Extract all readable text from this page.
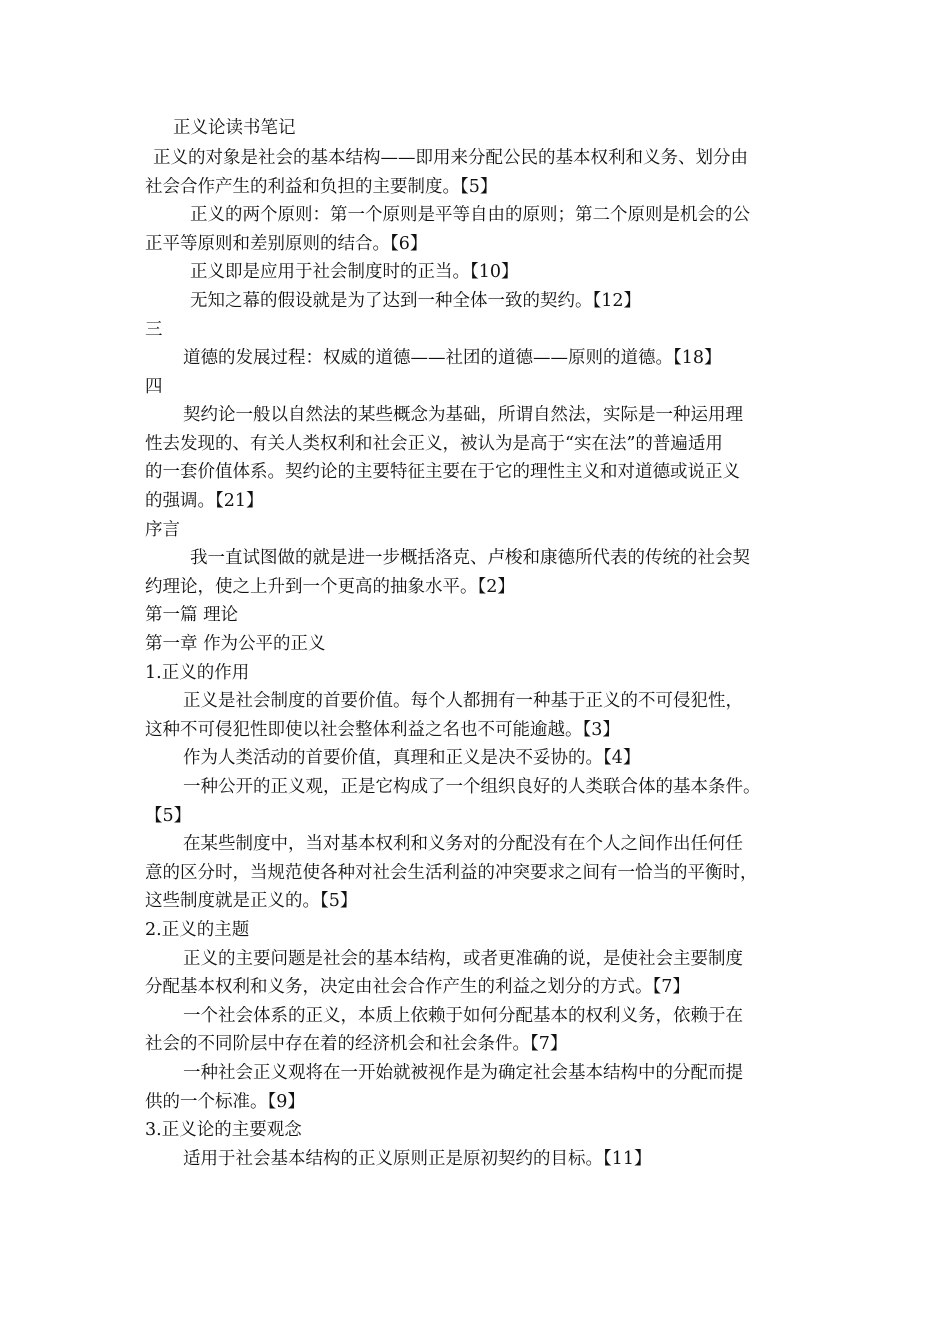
正义论读书笔记
正义的对象是社会的基本结构——即用来分配公民的基本权利和义务、划分由
社会合作产生的利益和负担的主要制度。【5】
正义的两个原则：第一个原则是平等自由的原则；第二个原则是机会的公
正平等原则和差别原则的结合。【6】
正义即是应用于社会制度时的正当。【10】
无知之幕的假设就是为了达到一种全体一致的契约。【12】
三
道德的发展过程：权威的道德——社团的道德——原则的道德。【18】
四
契约论一般以自然法的某些概念为基础，所谓自然法，实际是一种运用理
性去发现的、有关人类权利和社会正义，被认为是高于“实在法”的普遍适用
的一套价值体系。契约论的主要特征主要在于它的理性主义和对道德或说正义
的强调。【21】
序言
我一直试图做的就是进一步概括洛克、卢梭和康德所代表的传统的社会契
约理论，使之上升到一个更高的抽象水平。【2】
第一篇 理论
第一章 作为公平的正义
1.正义的作用
正义是社会制度的首要价值。每个人都拥有一种基于正义的不可侵犯性，
这种不可侵犯性即使以社会整体利益之名也不可能逾越。【3】
作为人类活动的首要价值，真理和正义是决不妥协的。【4】
一种公开的正义观，正是它构成了一个组织良好的人类联合体的基本条件。
【5】
在某些制度中，当对基本权利和义务对的分配没有在个人之间作出任何任
意的区分时，当规范使各种对社会生活利益的冲突要求之间有一恰当的平衡时，
这些制度就是正义的。【5】
2.正义的主题
正义的主要问题是社会的基本结构，或者更准确的说，是使社会主要制度
分配基本权利和义务，决定由社会合作产生的利益之划分的方式。【7】
一个社会体系的正义，本质上依赖于如何分配基本的权利义务，依赖于在
社会的不同阶层中存在着的经济机会和社会条件。【7】
一种社会正义观将在一开始就被视作是为确定社会基本结构中的分配而提
供的一个标准。【9】
3.正义论的主要观念
适用于社会基本结构的正义原则正是原初契约的目标。【11】
